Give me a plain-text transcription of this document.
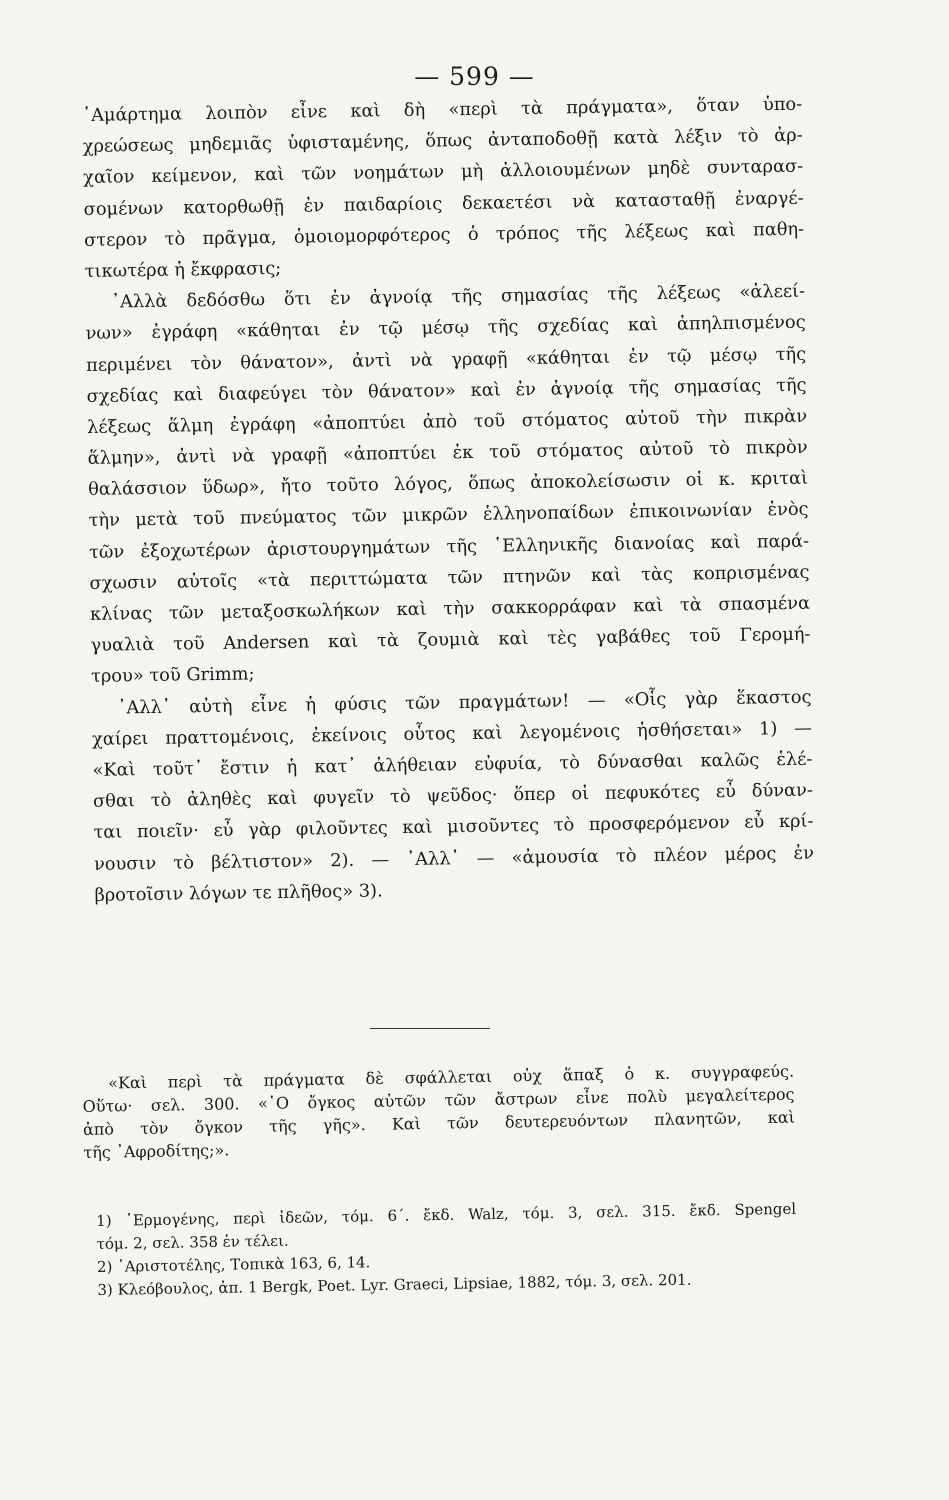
— 599 —
῾Αμάρτημα λοιπὸν εἶνε καὶ δὴ «περὶ τὰ πράγματα», ὅταν ὑπο-
χρεώσεως μηδεμιᾶς ὑφισταμένης, ὅπως ἀνταποδοθῇ κατὰ λέξιν τὸ ἀρ-
χαῖον κείμενον, καὶ τῶν νοημάτων μὴ ἀλλοιουμένων μηδὲ συνταρασ-
σομένων κατορθωθῇ ἐν παιδαρίοις δεκαετέσι νὰ κατασταθῇ ἐναργέ-
στερον τὸ πρᾶγμα, ὁμοιομορφότερος ὁ τρόπος τῆς λέξεως καὶ παθη-
τικωτέρα ἡ ἔκφρασις;
᾿Αλλὰ δεδόσθω ὅτι ἐν ἀγνοίᾳ τῆς σημασίας τῆς λέξεως «ἁλεεί-
νων» ἐγράφη «κάθηται ἐν τῷ μέσῳ τῆς σχεδίας καὶ ἀπηλπισμένος
περιμένει τὸν θάνατον», ἀντὶ νὰ γραφῇ «κάθηται ἐν τῷ μέσῳ τῆς
σχεδίας καὶ διαφεύγει τὸν θάνατον» καὶ ἐν ἀγνοίᾳ τῆς σημασίας τῆς
λέξεως ἅλμη ἐγράφη «ἀποπτύει ἀπὸ τοῦ στόματος αὐτοῦ τὴν πικρὰν
ἅλμην», ἀντὶ νὰ γραφῇ «ἀποπτύει ἐκ τοῦ στόματος αὐτοῦ τὸ πικρὸν
θαλάσσιον ὕδωρ», ἤτο τοῦτο λόγος, ὅπως ἀποκολείσωσιν οἱ κ. κριταὶ
τὴν μετὰ τοῦ πνεύματος τῶν μικρῶν ἑλληνοπαίδων ἐπικοινωνίαν ἑνὸς
τῶν ἐξοχωτέρων ἀριστουργημάτων τῆς ῾Ελληνικῆς διανοίας καὶ παρά-
σχωσιν αὐτοῖς «τὰ περιττώματα τῶν πτηνῶν καὶ τὰς κοπρισμένας
κλίνας τῶν μεταξοσκωλήκων καὶ τὴν σακκορράφαν καὶ τὰ σπασμένα
γυαλιὰ τοῦ Andersen καὶ τὰ ζουμιὰ καὶ τὲς γαβάθες τοῦ Γερομή-
τρου» τοῦ Grimm;
᾿Αλλ᾿ αὐτὴ εἶνε ἡ φύσις τῶν πραγμάτων! — «Οἷς γὰρ ἕκαστος
χαίρει πραττομένοις, ἐκείνοις οὗτος καὶ λεγομένοις ἡσθήσεται» 1) —
«Καὶ τοῦτ᾿ ἔστιν ἡ κατ᾿ ἀλήθειαν εὐφυία, τὸ δύνασθαι καλῶς ἑλέ-
σθαι τὸ ἀληθὲς καὶ φυγεῖν τὸ ψεῦδος· ὅπερ οἱ πεφυκότες εὖ δύναν-
ται ποιεῖν· εὖ γὰρ φιλοῦντες καὶ μισοῦντες τὸ προσφερόμενον εὖ κρί-
νουσιν τὸ βέλτιστον» 2). — ᾿Αλλ᾿ — «ἀμουσία τὸ πλέον μέρος ἐν
βροτοῖσιν λόγων τε πλῆθος» 3).
«Καὶ περὶ τὰ πράγματα δὲ σφάλλεται οὐχ ἅπαξ ὁ κ. συγγραφεύς.
Οὕτω· σελ. 300. «῾Ο ὄγκος αὐτῶν τῶν ἄστρων εἶνε πολὺ μεγαλείτερος
ἀπὸ τὸν ὄγκον τῆς γῆς». Καὶ τῶν δευτερευόντων πλανητῶν, καὶ
τῆς ᾿Αφροδίτης;».
1) ῾Ερμογένης, περὶ ἰδεῶν, τόμ. 6΄. ἔκδ. Walz, τόμ. 3, σελ. 315. ἔκδ. Spengel
τόμ. 2, σελ. 358 ἐν τέλει.
2) ᾿Αριστοτέλης, Τοπικὰ 163, 6, 14.
3) Κλεόβουλος, ἀπ. 1 Bergk, Poet. Lyr. Graeci, Lipsiae, 1882, τόμ. 3, σελ. 201.
